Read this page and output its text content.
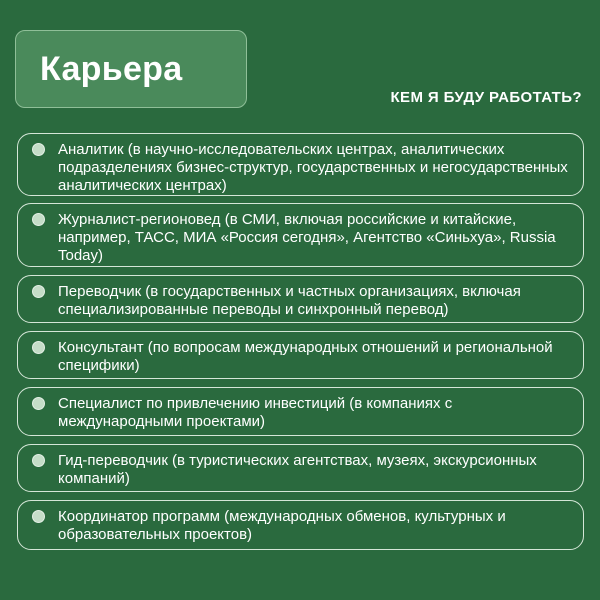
Карьера
КЕМ Я БУДУ РАБОТАТЬ?
Аналитик (в научно-исследовательских центрах, аналитических подразделениях бизнес-структур, государственных и негосударственных аналитических центрах)
Журналист-регионовед (в СМИ, включая российские и китайские, например, ТАСС, МИА «Россия сегодня», Агентство «Синьхуа», Russia Today)
Переводчик (в государственных и частных организациях, включая специализированные переводы и синхронный перевод)
Консультант (по вопросам международных отношений и региональной специфики)
Специалист по привлечению инвестиций (в компаниях с международными проектами)
Гид-переводчик (в туристических агентствах, музеях, экскурсионных компаний)
Координатор программ (международных обменов, культурных и образовательных проектов)
